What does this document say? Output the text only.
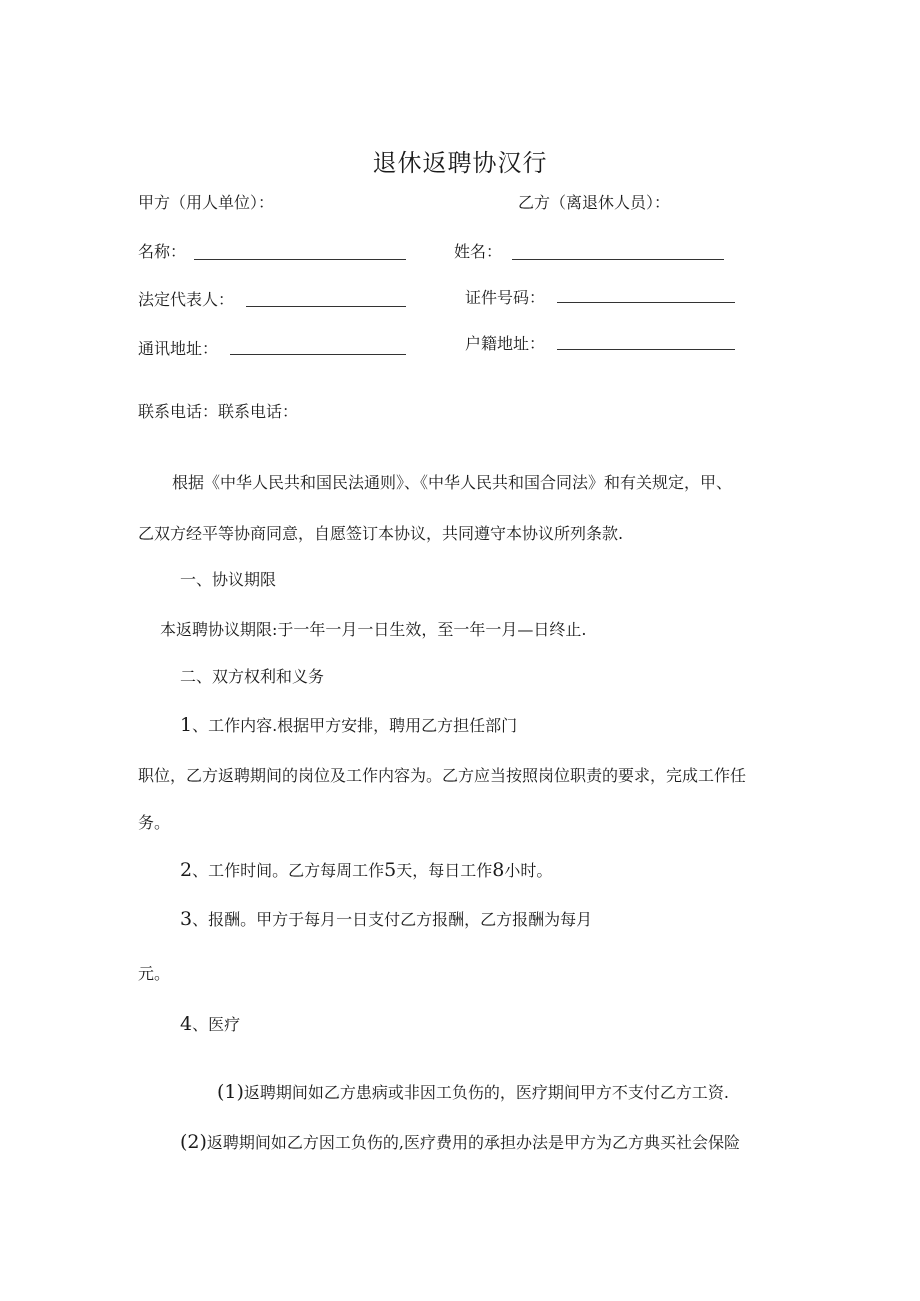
退休返聘协汉行
甲方（用人单位）：	乙方（离退休人员）：
名称：	姓名：
法定代表人：	证件号码：
通讯地址：	户籍地址：
联系电话：联系电话：
根据《中华人民共和国民法通则》、《中华人民共和国合同法》和有关规定，甲、
乙双方经平等协商同意，自愿签订本协议，共同遵守本协议所列条款.
一、协议期限
本返聘协议期限:于一年一月一日生效，至一年一月—日终止.
二、双方权利和义务
1、工作内容.根据甲方安排，聘用乙方担任部门
职位，乙方返聘期间的岗位及工作内容为。乙方应当按照岗位职责的要求，完成工作任
务。
2、工作时间。乙方每周工作5天，每日工作8小时。
3、报酬。甲方于每月一日支付乙方报酬，乙方报酬为每月
元。
4、医疗
(1)返聘期间如乙方患病或非因工负伤的，医疗期间甲方不支付乙方工资.
(2)返聘期间如乙方因工负伤的,医疗费用的承担办法是甲方为乙方典买社会保险
